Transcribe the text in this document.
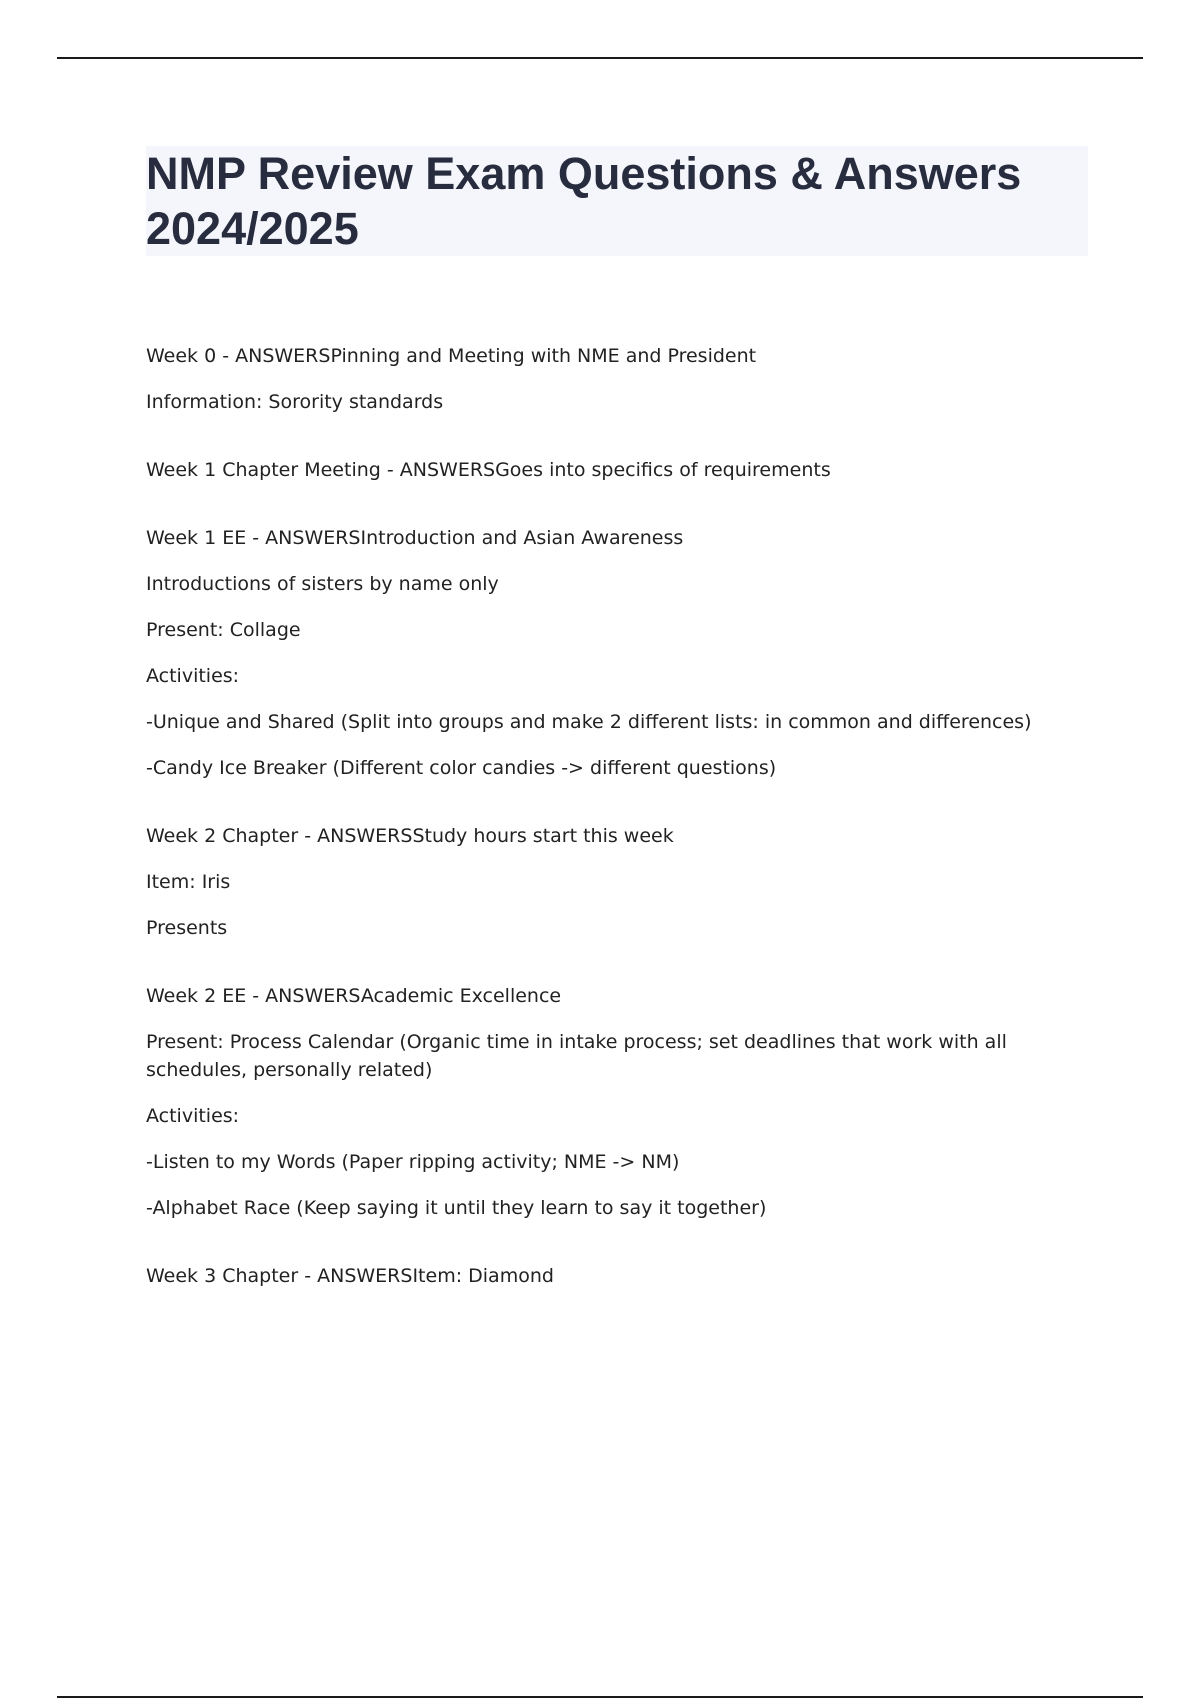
NMP Review Exam Questions & Answers
2024/2025

Week 0 - ANSWERSPinning and Meeting with NME and President

Information: Sorority standards

Week 1 Chapter Meeting - ANSWERSGoes into specifics of requirements

Week 1 EE - ANSWERSIntroduction and Asian Awareness

Introductions of sisters by name only

Present: Collage

Activities:

-Unique and Shared (Split into groups and make 2 different lists: in common and differences)

-Candy Ice Breaker (Different color candies -> different questions)

Week 2 Chapter - ANSWERSStudy hours start this week

Item: Iris

Presents

Week 2 EE - ANSWERSAcademic Excellence

Present: Process Calendar (Organic time in intake process; set deadlines that work with all schedules, personally related)

Activities:

-Listen to my Words (Paper ripping activity; NME -> NM)

-Alphabet Race (Keep saying it until they learn to say it together)

Week 3 Chapter - ANSWERSItem: Diamond
